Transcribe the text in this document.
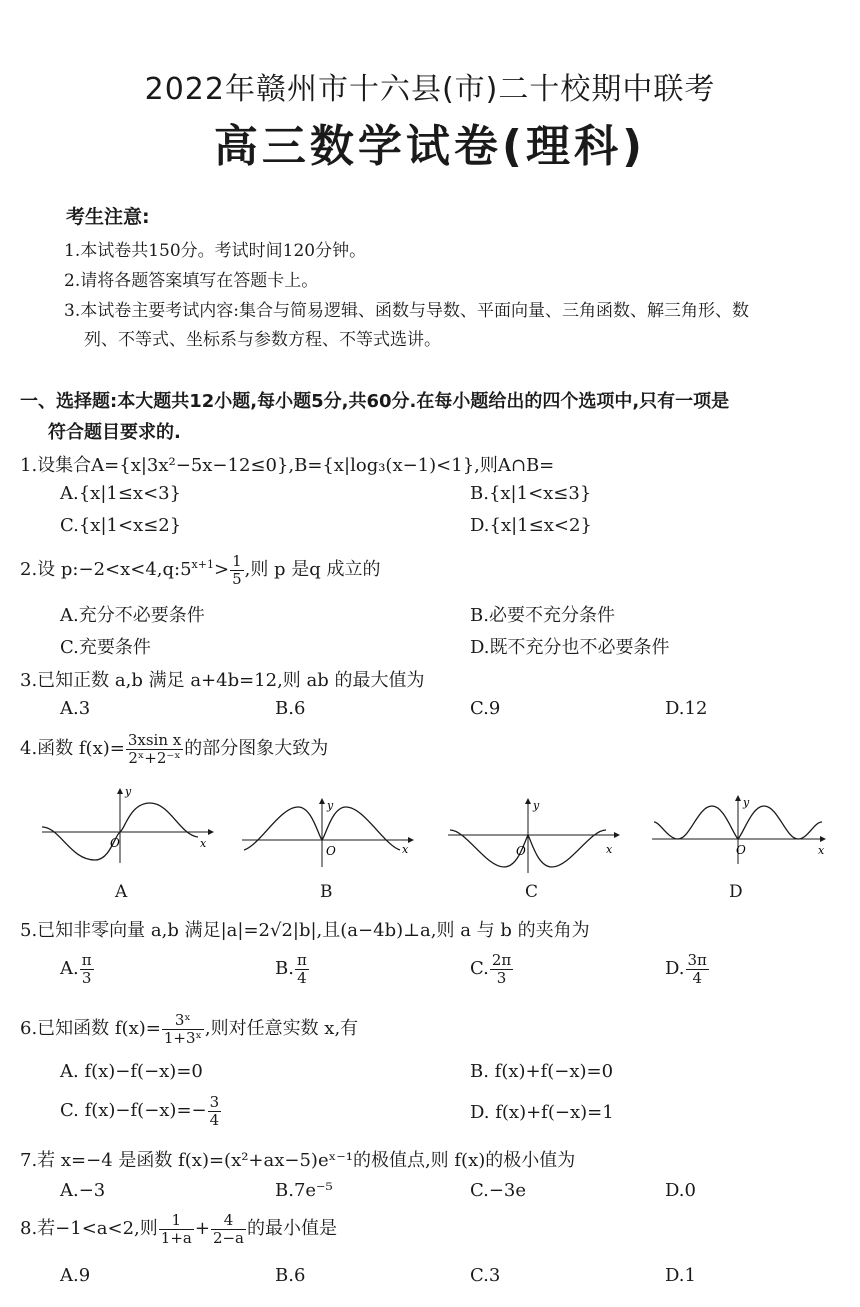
2022年赣州市十六县(市)二十校期中联考
高三数学试卷(理科)
考生注意:
1.本试卷共150分。考试时间120分钟。
2.请将各题答案填写在答题卡上。
3.本试卷主要考试内容:集合与简易逻辑、函数与导数、平面向量、三角函数、解三角形、数
列、不等式、坐标系与参数方程、不等式选讲。
一、选择题:本大题共12小题,每小题5分,共60分.在每小题给出的四个选项中,只有一项是
符合题目要求的.
1.设集合A={x|3x²−5x−12≤0},B={x|log₃(x−1)<1},则A∩B=
A.{x|1≤x<3}	B.{x|1<x≤3}
C.{x|1<x≤2}	D.{x|1≤x<2}
2.设 $p:-2<x<4,q:5^{x+1}> \frac{1}{5}$ ,则 p 是q 成立的
A.充分不必要条件	B.必要不充分条件
C.充要条件	D.既不充分也不必要条件
3.已知正数 a,b 满足 a+4b=12,则 ab 的最大值为
A.3	B.6	C.9	D.12
4.函数 $f(x)= \frac{\text{3xsin x}}{\text{2ˣ+2⁻ˣ}}$ 的部分图象大致为
y
O	x
A
y
O	x
B
y
O	x
C
y
O	x
D
5.已知非零向量 a,b 满足|a|=2√2|b|,且(a−4b)⊥a,则 a 与 b 的夹角为
A. $\frac{\pi}{3}$	B. $\frac{\pi}{4}$	C. $\frac{2\pi}{3}$	D. $\frac{3\pi}{4}$
6.已知函数 $f(x)= \frac{\text{3ˣ}}{\text{1+3ˣ}}$ ,则对任意实数 x,有
A. f(x)−f(−x)=0	B. f(x)+f(−x)=0
C. $f(x)-f(-x)=- \frac{3}{4}$	D. f(x)+f(−x)=1
7.若 x=−4 是函数 f(x)=(x²+ax−5)eˣ⁻¹的极值点,则 f(x)的极小值为
A.−3	B.7e⁻⁵	C.−3e	D.0
8.若−1<a<2,则 $\frac{1}{1+a} + \frac{4}{2-a}$ 的最小值是
A.9	B.6	C.3	D.1
